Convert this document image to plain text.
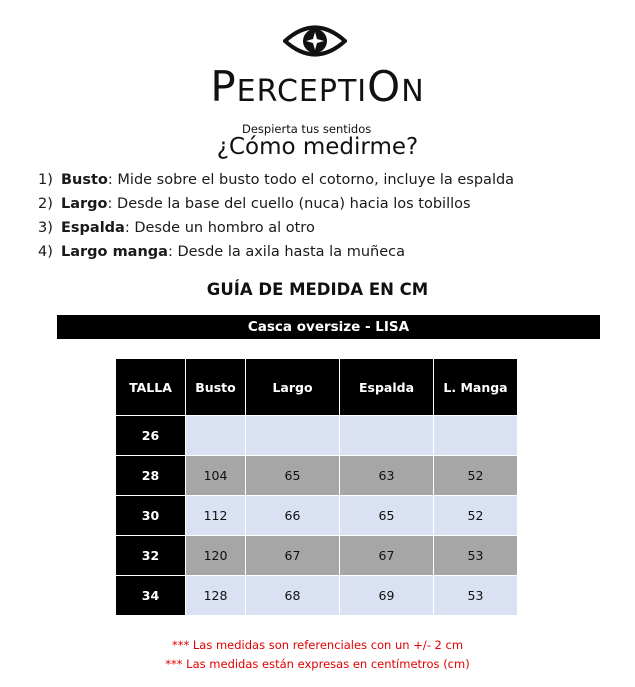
PERCEPTION
Despierta tus sentidos
¿Cómo medirme?
1) Busto: Mide sobre el busto todo el cotorno, incluye la espalda
2) Largo: Desde la base del cuello (nuca) hacia los tobillos
3) Espalda: Desde un hombro al otro
4) Largo manga: Desde la axila hasta la muñeca
GUÍA DE MEDIDA EN CM
Casca oversize - LISA
TALLA	Busto	Largo	Espalda	L. Manga
26				
28	104	65	63	52
30	112	66	65	52
32	120	67	67	53
34	128	68	69	53
*** Las medidas son referenciales con un +/- 2 cm
*** Las medidas están expresas en centímetros (cm)
